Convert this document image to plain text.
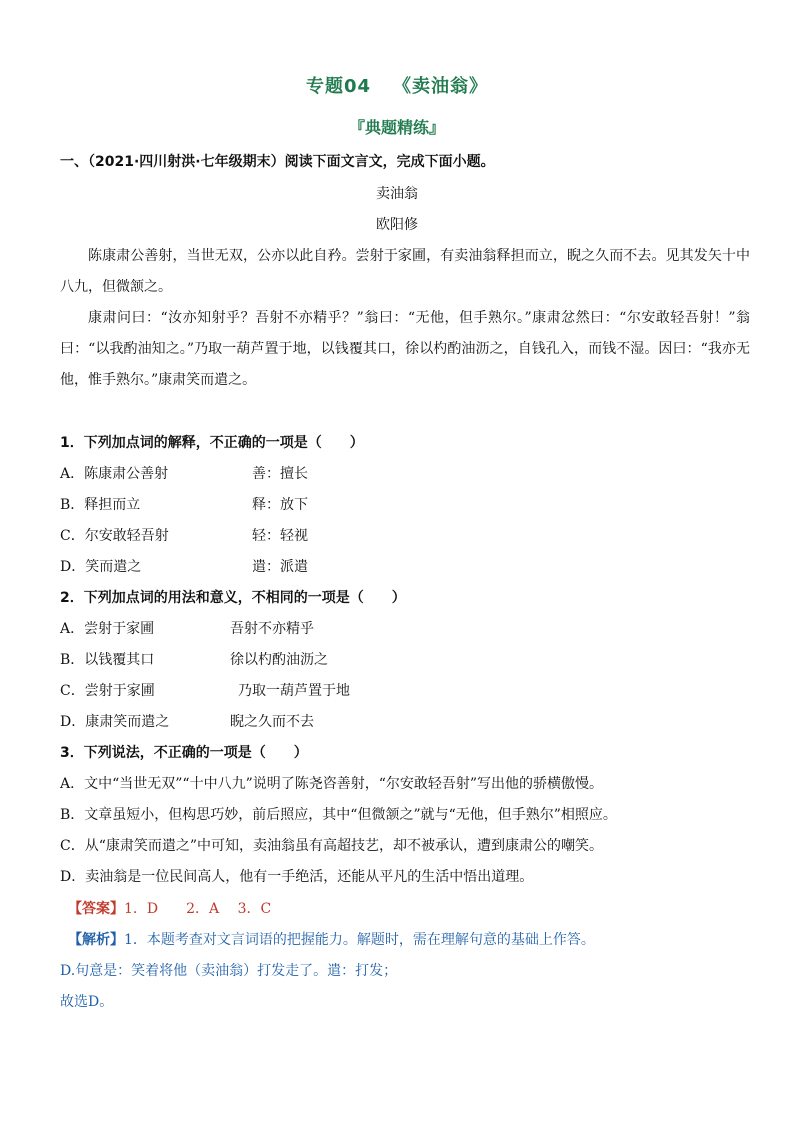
专题04 《卖油翁》
『典题精练』
一、（2021·四川射洪·七年级期末）阅读下面文言文，完成下面小题。
卖油翁
欧阳修
陈康肃公善射，当世无双，公亦以此自矜。尝射于家圃，有卖油翁释担而立，睨之久而不去。见其发矢十中八九，但微颔之。
康肃问曰：“汝亦知射乎？吾射不亦精乎？”翁曰：“无他，但手熟尔。”康肃忿然曰：“尔安敢轻吾射！”翁曰：“以我酌油知之。”乃取一葫芦置于地，以钱覆其口，徐以杓酌油沥之，自钱孔入，而钱不湿。因曰：“我亦无他，惟手熟尔。”康肃笑而遣之。
1．下列加点词的解释，不正确的一项是（　　）
A．陈康肃公善射	善：擅长
B．释担而立	释：放下
C．尔安敢轻吾射	轻：轻视
D．笑而遣之	遣：派遣
2．下列加点词的用法和意义，不相同的一项是（　　）
A．尝射于家圃	吾射不亦精乎
B．以钱覆其口	徐以杓酌油沥之
C．尝射于家圃	乃取一葫芦置于地
D．康肃笑而遣之	睨之久而不去
3．下列说法，不正确的一项是（　　）
A．文中“当世无双”“十中八九”说明了陈尧咨善射，“尔安敢轻吾射”写出他的骄横傲慢。
B．文章虽短小，但构思巧妙，前后照应，其中“但微颔之”就与“无他，但手熟尔”相照应。
C．从“康肃笑而遣之”中可知，卖油翁虽有高超技艺，却不被承认，遭到康肃公的嘲笑。
D．卖油翁是一位民间高人，他有一手绝活，还能从平凡的生活中悟出道理。
【答案】1．D　　2．A　 3．C
【解析】1．本题考查对文言词语的把握能力。解题时，需在理解句意的基础上作答。
D.句意是：笑着将他（卖油翁）打发走了。遣：打发；
故选D。
